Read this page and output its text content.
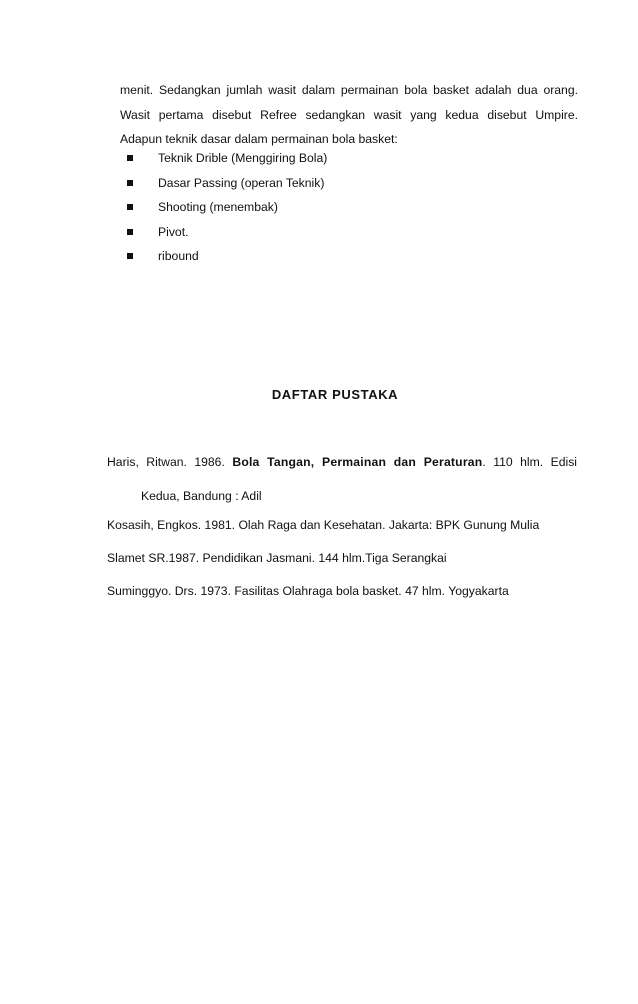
menit. Sedangkan jumlah wasit dalam permainan bola basket adalah dua orang.
Wasit pertama disebut Refree sedangkan wasit yang kedua disebut Umpire.
Adapun teknik dasar dalam permainan bola basket:
Teknik Drible (Menggiring Bola)
Dasar Passing (operan Teknik)
Shooting (menembak)
Pivot.
ribound
DAFTAR PUSTAKA
Haris, Ritwan. 1986. Bola Tangan, Permainan dan Peraturan. 110 hlm. Edisi
Kedua, Bandung : Adil
Kosasih, Engkos. 1981. Olah Raga dan Kesehatan. Jakarta: BPK Gunung Mulia
Slamet SR.1987. Pendidikan Jasmani. 144 hlm.Tiga Serangkai
Suminggyo. Drs. 1973. Fasilitas Olahraga bola basket. 47 hlm. Yogyakarta
